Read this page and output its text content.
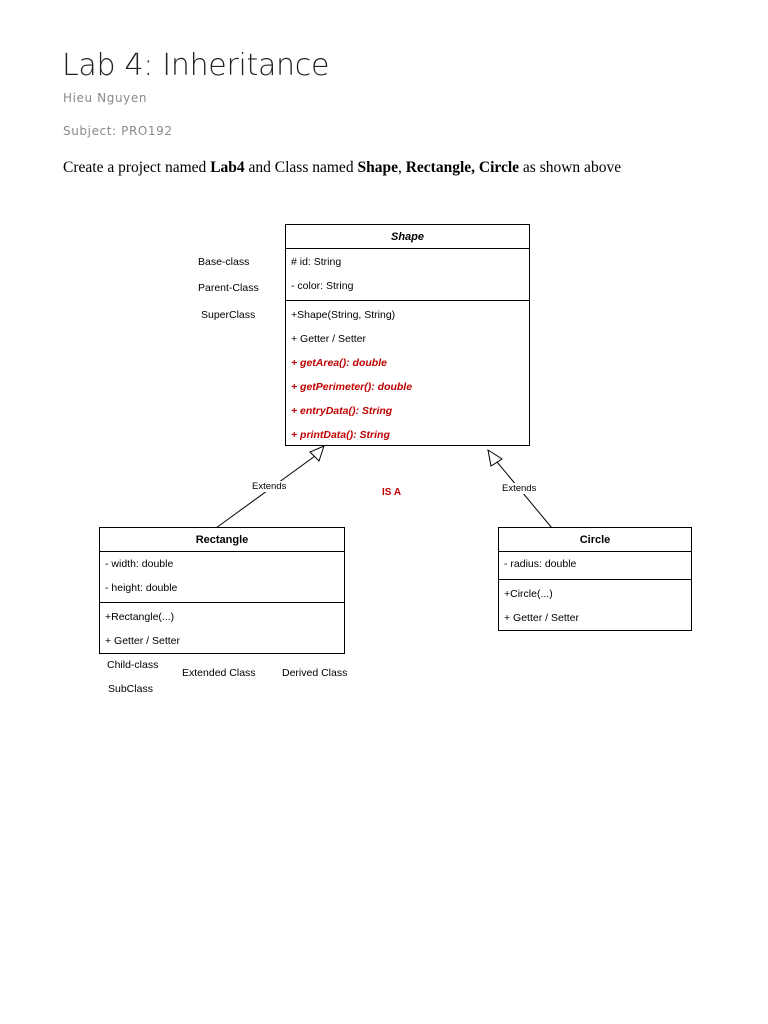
Lab 4: Inheritance
Hieu Nguyen
Subject: PRO192
Create a project named Lab4 and Class named Shape, Rectangle, Circle as shown above
Shape
# id: String
- color: String
+Shape(String, String)
+ Getter / Setter
+ getArea(): double
+ getPerimeter(): double
+ entryData(): String
+ printData(): String
Base-class
Parent-Class
SuperClass
Extends
IS A	Extends
Rectangle
- width: double
- height: double
+Rectangle(...)
+ Getter / Setter
Child-class
SubClass
Extended Class	Derived Class
Circle
- radius: double
+Circle(...)
+ Getter / Setter
